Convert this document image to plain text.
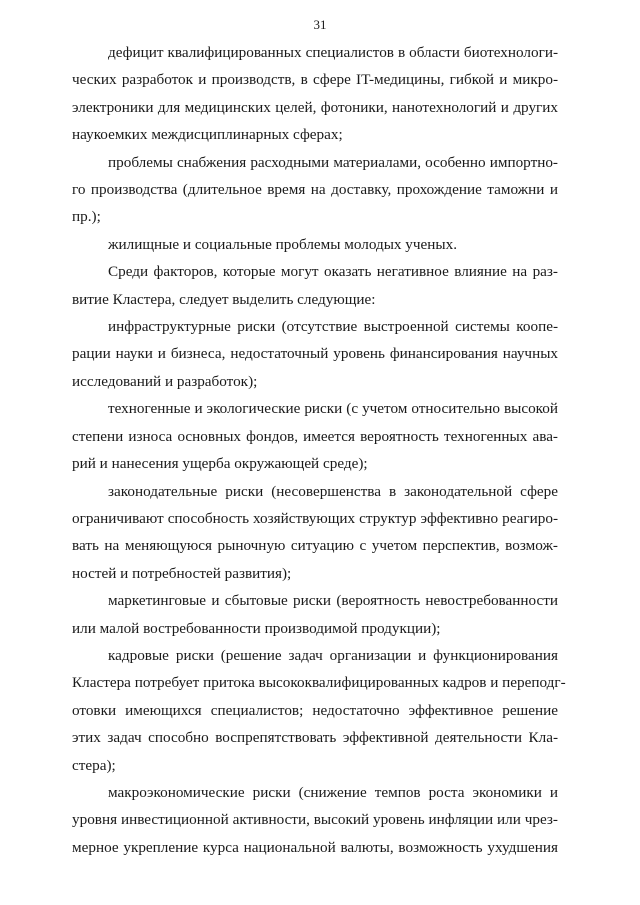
31
дефицит квалифицированных специалистов в области биотехнологи-
ческих разработок и производств, в сфере IT-медицины, гибкой и микро-
электроники для медицинских целей, фотоники, нанотехнологий и других
наукоемких междисциплинарных сферах;
проблемы снабжения расходными материалами, особенно импортно-
го производства (длительное время на доставку, прохождение таможни и
пр.);
жилищные и социальные проблемы молодых ученых.
Среди факторов, которые могут оказать негативное влияние на раз-
витие Кластера, следует выделить следующие:
инфраструктурные риски (отсутствие выстроенной системы коопе-
рации науки и бизнеса, недостаточный уровень финансирования научных
исследований и разработок);
техногенные и экологические риски (с учетом относительно высокой
степени износа основных фондов, имеется вероятность техногенных ава-
рий и нанесения ущерба окружающей среде);
законодательные риски (несовершенства в законодательной сфере
ограничивают способность хозяйствующих структур эффективно реагиро-
вать на меняющуюся рыночную ситуацию с учетом перспектив, возмож-
ностей и потребностей развития);
маркетинговые и сбытовые риски (вероятность невостребованности
или малой востребованности производимой продукции);
кадровые риски (решение задач организации и функционирования
Кластера потребует притока высококвалифицированных кадров и переподг-
отовки имеющихся специалистов; недостаточно эффективное решение
этих задач способно воспрепятствовать эффективной деятельности Кла-
стера);
макроэкономические риски (снижение темпов роста экономики и
уровня инвестиционной активности, высокий уровень инфляции или чрез-
мерное укрепление курса национальной валюты, возможность ухудшения
